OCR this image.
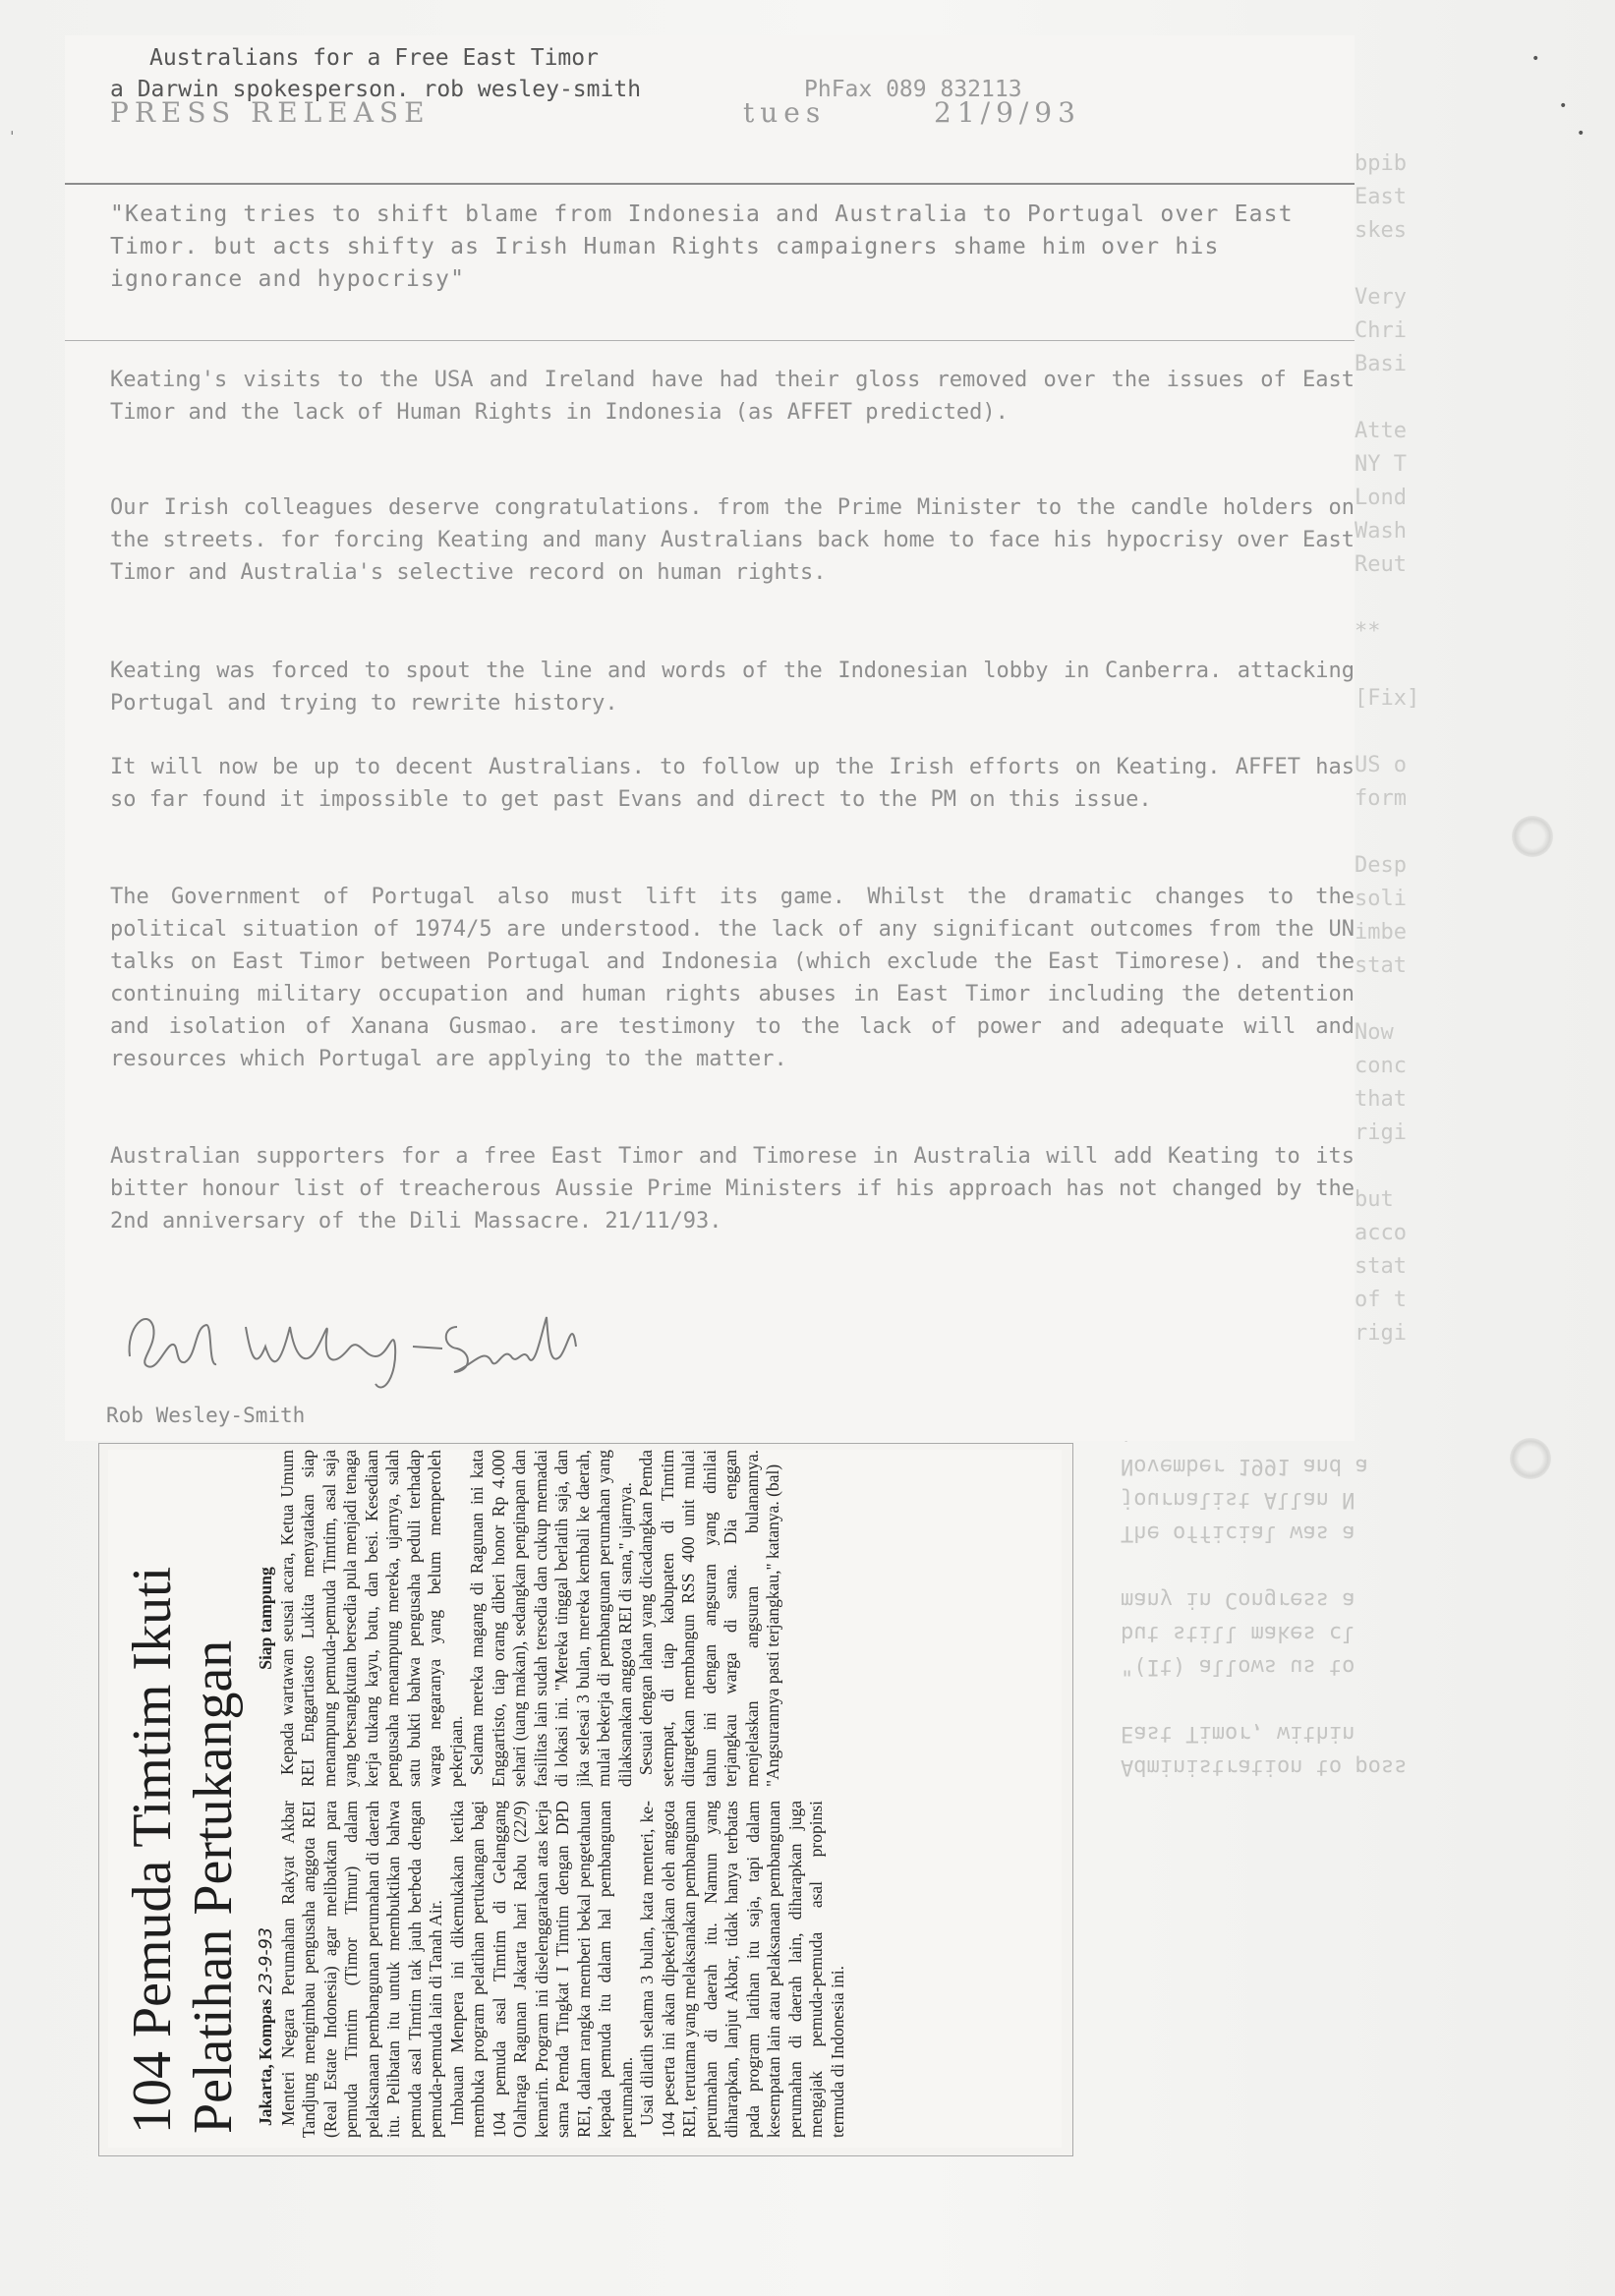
bpib
East
skes

Very
Chri
Basi

Atte
NY T
Lond
Wash
Reut

**

[Fix]

US o
form

Desp
soli
imbe
stat

Now
conc
that
rigi

but
acco
stat
of t
rigi
Administration to poss
East Timor, within

"(It) allows us to
but still makes cl
many in Congress a

The official was a
journalist Allan N
November 1991 and a

•
•
•
ˈ
Australians for a Free East Timor
a Darwin spokesperson. rob wesley-smith	PhFax 089 832113
PRESS RELEASE	tues	21/9/93
"Keating tries to shift blame from Indonesia and Australia to Portugal over East Timor. but acts shifty as Irish Human Rights campaigners shame him over his ignorance and hypocrisy"
Keating's visits to the USA and Ireland have had their gloss removed over the issues of East Timor and the lack of Human Rights in Indonesia (as AFFET predicted).
Our Irish colleagues deserve congratulations. from the Prime Minister to the candle holders on the streets. for forcing Keating and many Australians back home to face his hypocrisy over East Timor and Australia's selective record on human rights.
Keating was forced to spout the line and words of the Indonesian lobby in Canberra. attacking Portugal and trying to rewrite history.
It will now be up to decent Australians. to follow up the Irish efforts on Keating. AFFET has so far found it impossible to get past Evans and direct to the PM on this issue.
The Government of Portugal also must lift its game. Whilst the dramatic changes to the political situation of 1974/5 are understood. the lack of any significant outcomes from the UN talks on East Timor between Portugal and Indonesia (which exclude the East Timorese). and the continuing military occupation and human rights abuses in East Timor including the detention and isolation of Xanana Gusmao. are testimony to the lack of power and adequate will and resources which Portugal are applying to the matter.
Australian supporters for a free East Timor and Timorese in Australia will add Keating to its bitter honour list of treacherous Aussie Prime Ministers if his approach has not changed by the 2nd anniversary of the Dili Massacre. 21/11/93.
Rob Wesley-Smith
104 Pemuda Timtim Ikuti Pelatihan Pertukangan Jakarta, Kompas 23-9-93 Menteri Negara Perumahan Rakyat Akbar Tandjung mengimbau pengusaha anggota REI (Real Estate Indonesia) agar melibatkan para pemuda Timtim (Timor Timur) dalam pelaksanaan pembangunan perumahan di daerah itu. Pelibatan itu untuk membuktikan bahwa pemuda asal Timtim tak jauh berbeda dengan pemuda-pemuda lain di Tanah Air. Imbauan Menpera ini dikemukakan ketika membuka program pelatihan pertukangan bagi 104 pemuda asal Timtim di Gelanggang Olahraga Ragunan Jakarta hari Rabu (22/9) kemarin. Program ini diselenggarakan atas kerja sama Pemda Tingkat I Timtim dengan DPD REI, dalam rangka memberi bekal pengetahuan kepada pemuda itu dalam hal pembangunan perumahan. Usai dilatih selama 3 bulan, kata menteri, ke-104 peserta ini akan dipekerjakan oleh anggota REI, terutama yang melaksanakan pembangunan perumahan di daerah itu. Namun yang diharapkan, lanjut Akbar, tidak hanya terbatas pada program latihan itu saja, tapi dalam kesempatan lain atau pelaksanaan pembangunan perumahan di daerah lain, diharapkan juga mengajak pemuda-pemuda asal propinsi termuda di Indonesia ini.

Siap tampung Kepada wartawan seusai acara, Ketua Umum REI Enggartiasto Lukita menyatakan siap menampung pemuda-pemuda Timtim, asal saja yang bersangkutan bersedia pula menjadi tenaga kerja tukang kayu, batu, dan besi. Kesediaan pengusaha menampung mereka, ujarnya, salah satu bukti bahwa pengusaha peduli terhadap warga negaranya yang belum memperoleh pekerjaan. Selama mereka magang di Ragunan ini kata Enggartisto, tiap orang diberi honor Rp 4.000 sehari (uang makan), sedangkan penginapan dan fasilitas lain sudah tersedia dan cukup memadai di lokasi ini. "Mereka tinggal berlatih saja, dan jika selesai 3 bulan, mereka kembali ke daerah, mulai bekerja di pembangunan perumahan yang dilaksanakan anggota REI di sana," ujarnya. Sesuai dengan lahan yang dicadangkan Pemda setempat, di tiap kabupaten di Timtim ditargetkan membangun RSS 400 unit mulai tahun ini dengan angsuran yang dinilai terjangkau warga di sana. Dia enggan menjelaskan angsuran bulanannya. "Angsurannya pasti terjangkau," katanya. (bal)
